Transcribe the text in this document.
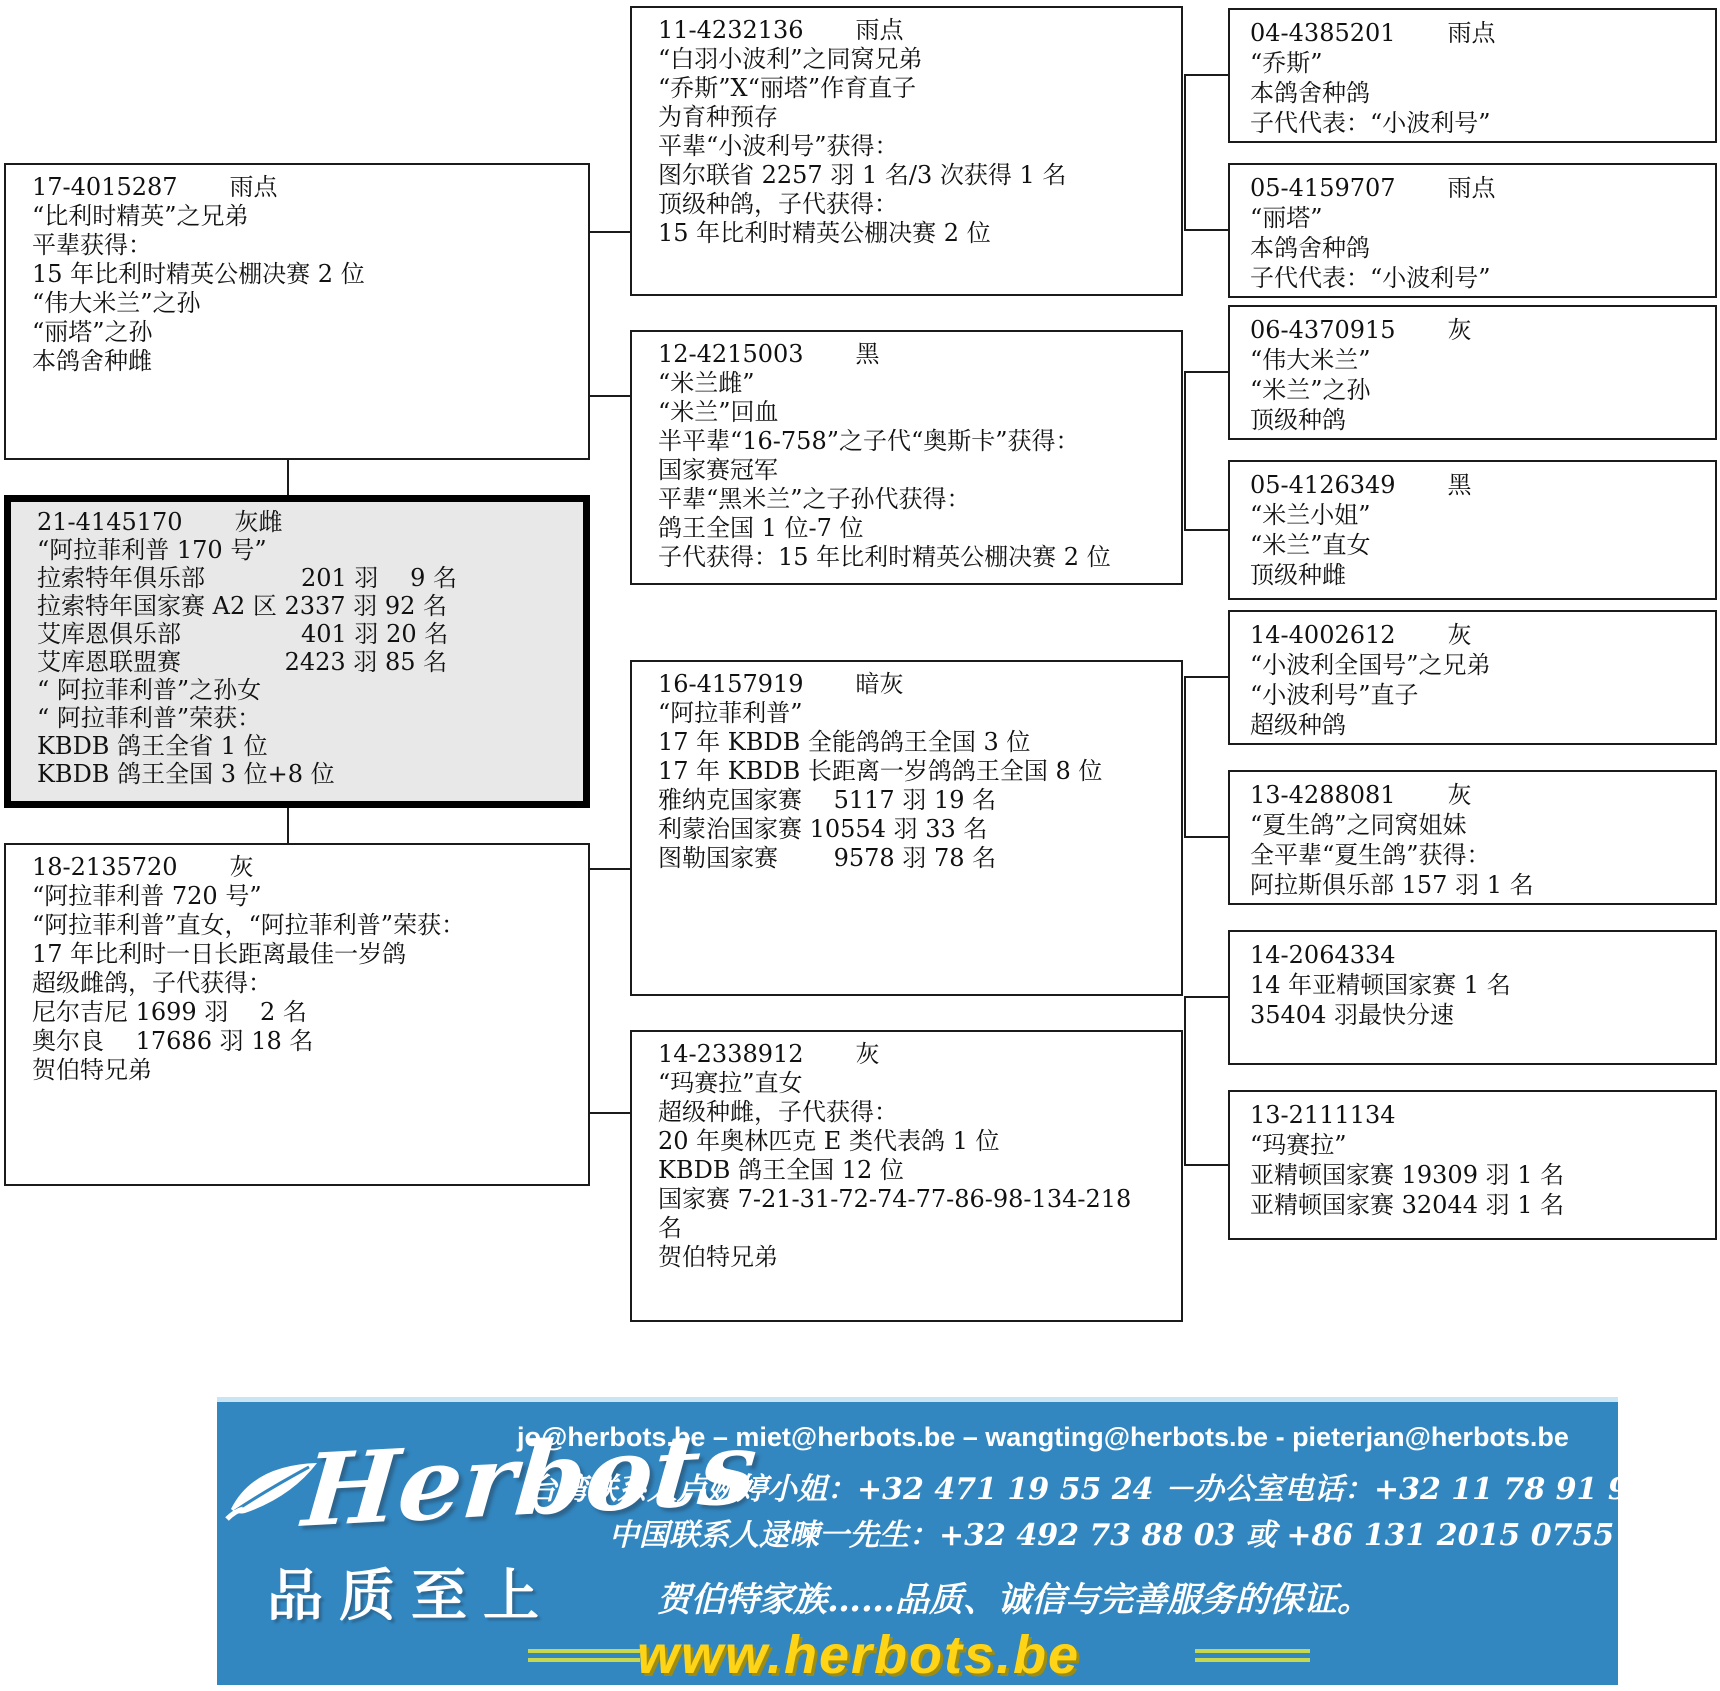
17-4015287 雨点
“比利时精英”之兄弟
平辈获得：
15 年比利时精英公棚决赛 2 位
“伟大米兰”之孙
“丽塔”之孙
本鸽舍种雌
21-4145170 灰雌
“阿拉菲利普 170 号”
拉索特年俱乐部　　　　201 羽　 9 名
拉索特年国家赛 A2 区 2337 羽 92 名
艾库恩俱乐部　　　　　401 羽 20 名
艾库恩联盟赛　　　　 2423 羽 85 名
“ 阿拉菲利普”之孙女
“ 阿拉菲利普”荣获：
KBDB 鸽王全省 1 位
KBDB 鸽王全国 3 位+8 位
18-2135720 灰
“阿拉菲利普 720 号”
“阿拉菲利普”直女，“阿拉菲利普”荣获：
17 年比利时一日长距离最佳一岁鸽
超级雌鸽，子代获得：
尼尔吉尼 1699 羽　 2 名
奥尔良　 17686 羽 18 名
贺伯特兄弟
11-4232136 雨点
“白羽小波利”之同窝兄弟
“乔斯”X“丽塔”作育直子
为育种预存
平辈“小波利号”获得：
图尔联省 2257 羽 1 名/3 次获得 1 名
顶级种鸽，子代获得：
15 年比利时精英公棚决赛 2 位
12-4215003 黑
“米兰雌”
“米兰”回血
半平辈“16-758”之子代“奥斯卡”获得：
国家赛冠军
平辈“黑米兰”之子孙代获得：
鸽王全国 1 位-7 位
子代获得：15 年比利时精英公棚决赛 2 位
16-4157919 暗灰
“阿拉菲利普”
17 年 KBDB 全能鸽鸽王全国 3 位
17 年 KBDB 长距离一岁鸽鸽王全国 8 位
雅纳克国家赛　 5117 羽 19 名
利蒙治国家赛 10554 羽 33 名
图勒国家赛　　 9578 羽 78 名
14-2338912 灰
“玛赛拉”直女
超级种雌，子代获得：
20 年奥林匹克 E 类代表鸽 1 位
KBDB 鸽王全国 12 位
国家赛 7-21-31-72-74-77-86-98-134-218
名
贺伯特兄弟
04-4385201 雨点
“乔斯”
本鸽舍种鸽
子代代表：“小波利号”
05-4159707 雨点
“丽塔”
本鸽舍种鸽
子代代表：“小波利号”
06-4370915 灰
“伟大米兰”
“米兰”之孙
顶级种鸽
05-4126349 黑
“米兰小姐”
“米兰”直女
顶级种雌
14-4002612 灰
“小波利全国号”之兄弟
“小波利号”直子
超级种鸽
13-4288081 灰
“夏生鸽”之同窝姐妹
全平辈“夏生鸽”获得：
阿拉斯俱乐部 157 羽 1 名
14-2064334
14 年亚精顿国家赛 1 名
35404 羽最快分速
13-2111134
“玛赛拉”
亚精顿国家赛 19309 羽 1 名
亚精顿国家赛 32044 羽 1 名
Herbots
品质至上
jo@herbots.be – miet@herbots.be – wangting@herbots.be - pieterjan@herbots.be
台湾联系人卢婉婷小姐：+32 471 19 55 24 －办公室电话：+32 11 78 91 90
中国联系人逯暕一先生：+32 492 73 88 03 或 +86 131 2015 0755
贺伯特家族……品质、诚信与完善服务的保证。
www.herbots.be
